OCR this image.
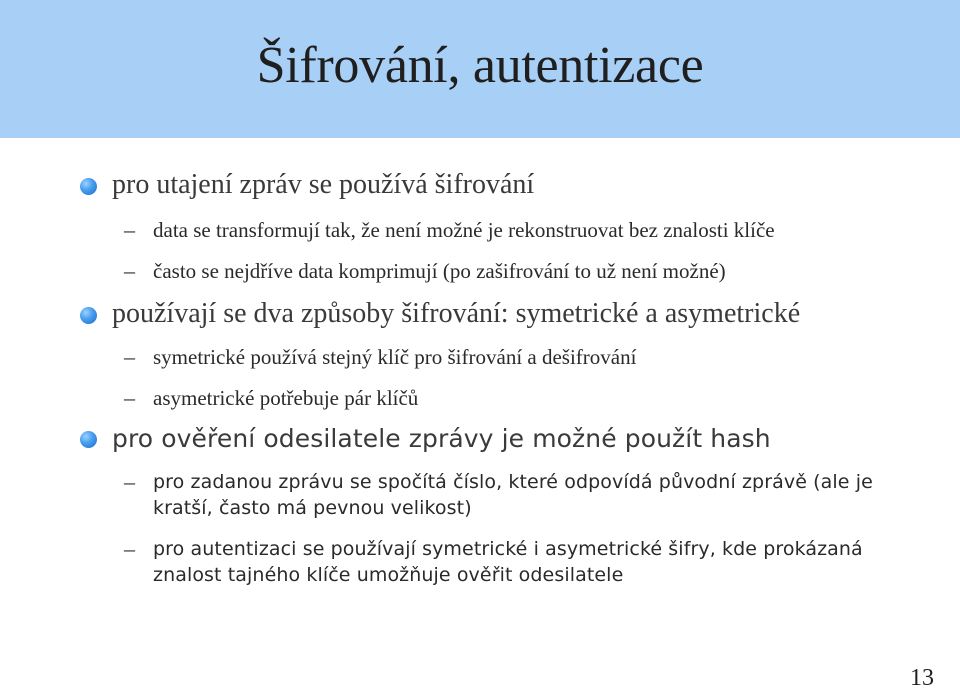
Šifrování, autentizace
pro utajení zpráv se používá šifrování
– data se transformují tak, že není možné je rekonstruovat bez znalosti klíče
– často se nejdříve data komprimují (po zašifrování to už není možné)
používají se dva způsoby šifrování: symetrické a asymetrické
– symetrické používá stejný klíč pro šifrování a dešifrování
– asymetrické potřebuje pár klíčů
pro ověření odesilatele zprávy je možné použít hash
– pro zadanou zprávu se spočítá číslo, které odpovídá původní zprávě (ale je kratší, často má pevnou velikost)
– pro autentizaci se používají symetrické i asymetrické šifry, kde prokázaná znalost tajného klíče umožňuje ověřit odesilatele
13
